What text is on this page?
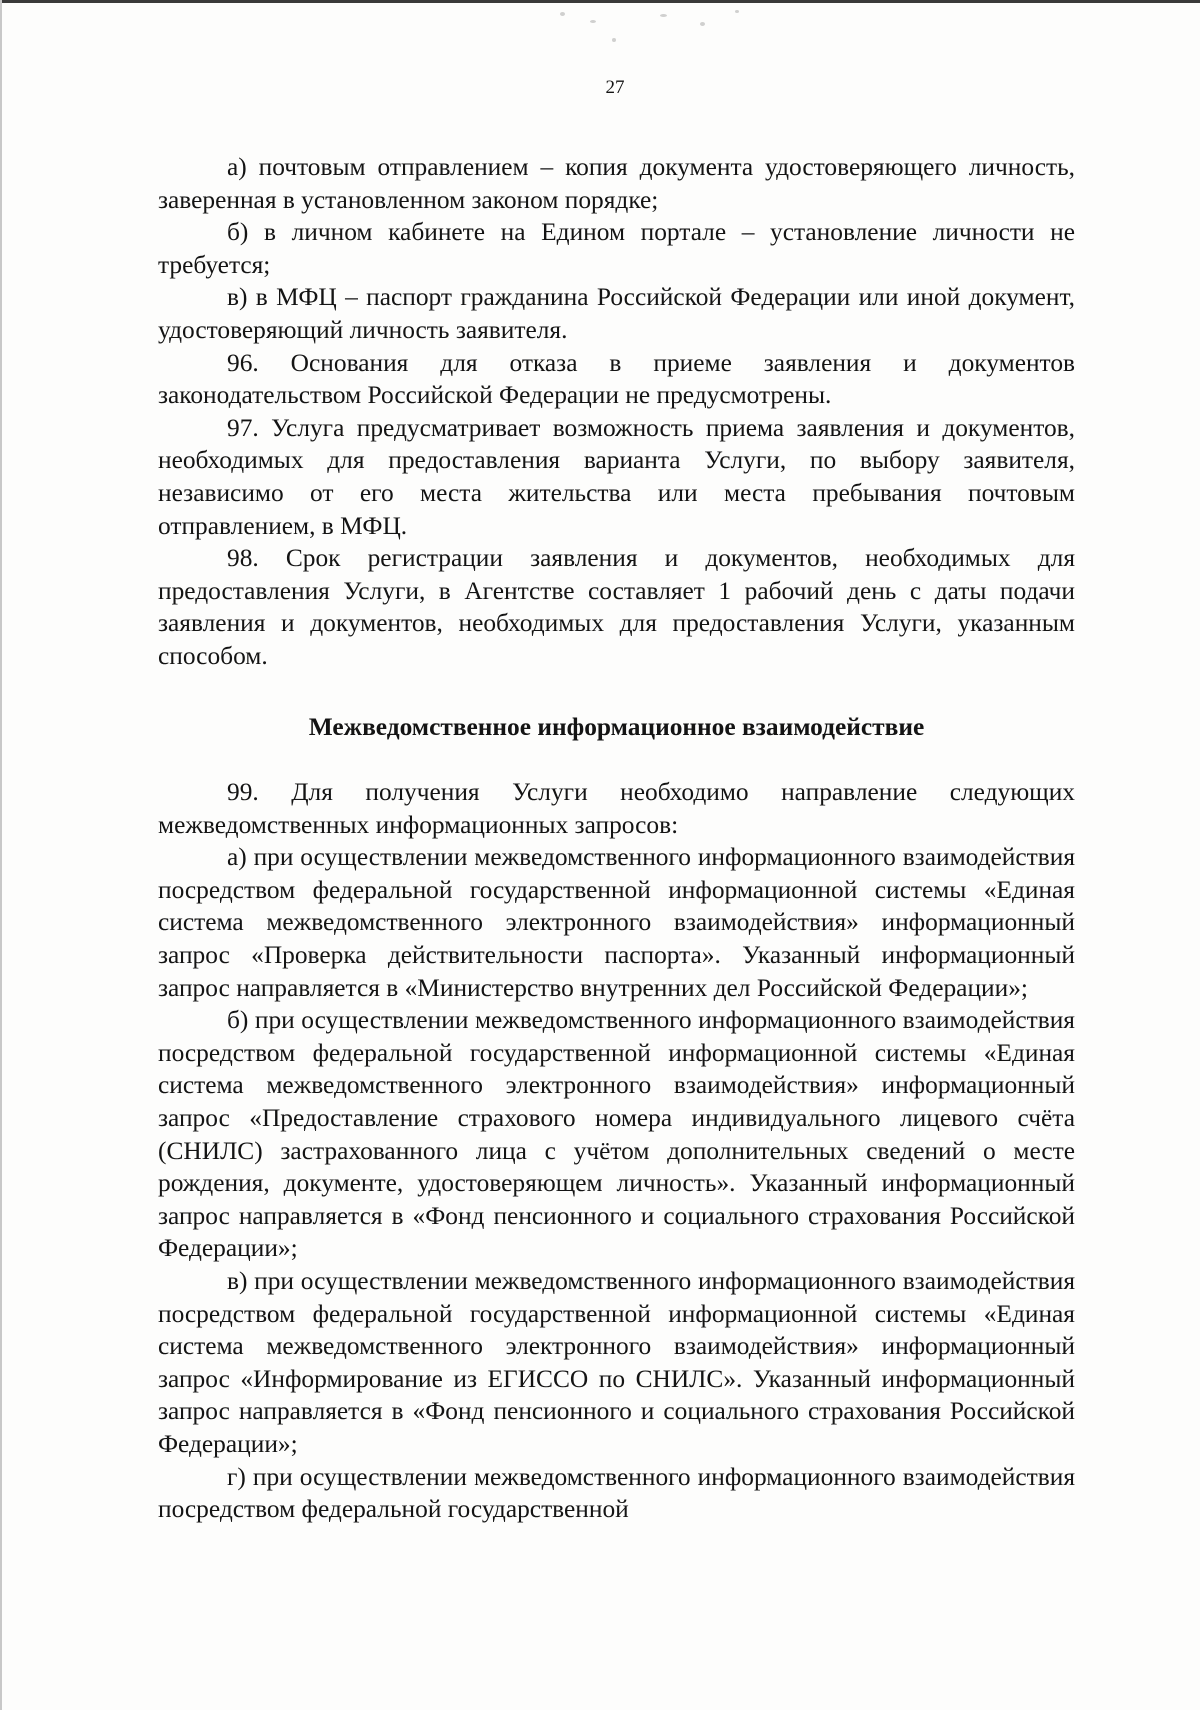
27

а) почтовым отправлением – копия документа удостоверяющего личность, заверенная в установленном законом порядке;

б) в личном кабинете на Едином портале – установление личности не требуется;

в) в МФЦ – паспорт гражданина Российской Федерации или иной документ, удостоверяющий личность заявителя.

96. Основания для отказа в приеме заявления и документов законодательством Российской Федерации не предусмотрены.

97. Услуга предусматривает возможность приема заявления и документов, необходимых для предоставления варианта Услуги, по выбору заявителя, независимо от его места жительства или места пребывания почтовым отправлением, в МФЦ.

98. Срок регистрации заявления и документов, необходимых для предоставления Услуги, в Агентстве составляет 1 рабочий день с даты подачи заявления и документов, необходимых для предоставления Услуги, указанным способом.

Межведомственное информационное взаимодействие

99. Для получения Услуги необходимо направление следующих межведомственных информационных запросов:

а) при осуществлении межведомственного информационного взаимодействия посредством федеральной государственной информационной системы «Единая система межведомственного электронного взаимодействия» информационный запрос «Проверка действительности паспорта». Указанный информационный запрос направляется в «Министерство внутренних дел Российской Федерации»;

б) при осуществлении межведомственного информационного взаимодействия посредством федеральной государственной информационной системы «Единая система межведомственного электронного взаимодействия» информационный запрос «Предоставление страхового номера индивидуального лицевого счёта (СНИЛС) застрахованного лица с учётом дополнительных сведений о месте рождения, документе, удостоверяющем личность». Указанный информационный запрос направляется в «Фонд пенсионного и социального страхования Российской Федерации»;

в) при осуществлении межведомственного информационного взаимодействия посредством федеральной государственной информационной системы «Единая система межведомственного электронного взаимодействия» информационный запрос «Информирование из ЕГИССО по СНИЛС». Указанный информационный запрос направляется в «Фонд пенсионного и социального страхования Российской Федерации»;

г) при осуществлении межведомственного информационного взаимодействия посредством федеральной государственной
